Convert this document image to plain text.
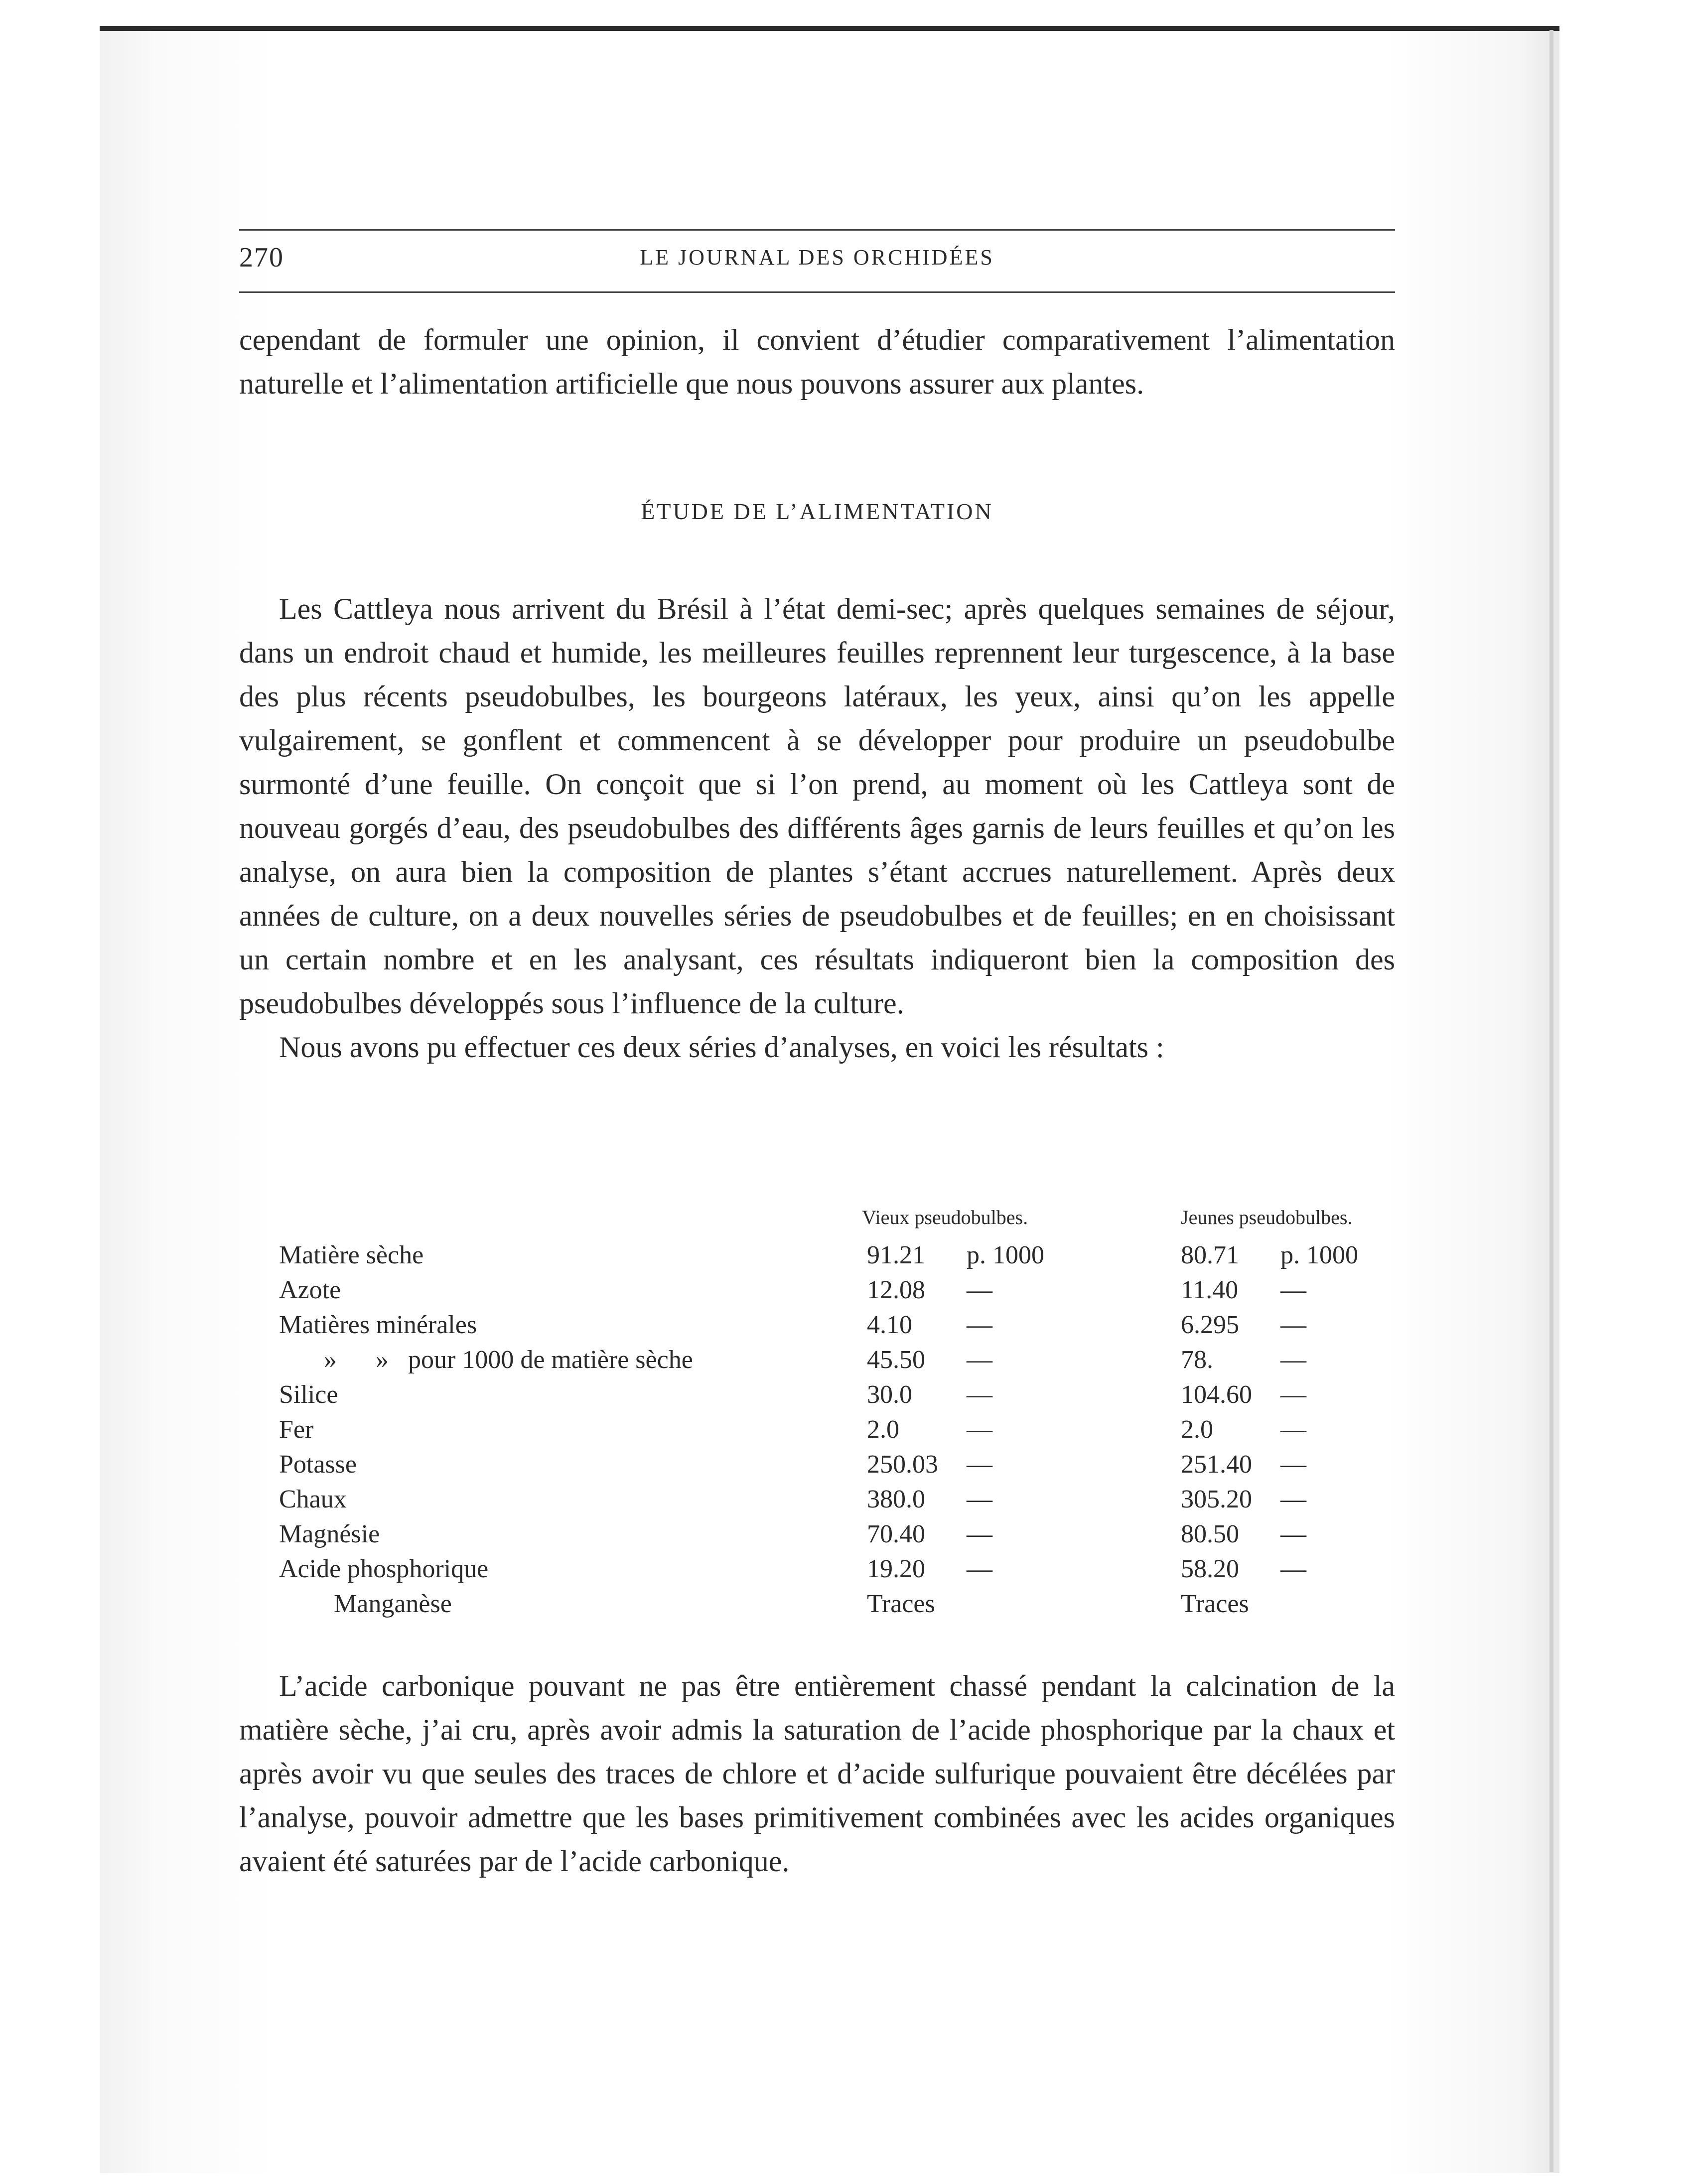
270	LE JOURNAL DES ORCHIDÉES
cependant de formuler une opinion, il convient d’étudier comparativement l’alimentation naturelle et l’alimentation artificielle que nous pouvons assurer aux plantes.
ÉTUDE DE L’ALIMENTATION
Les Cattleya nous arrivent du Brésil à l’état demi-sec; après quelques semaines de séjour, dans un endroit chaud et humide, les meilleures feuilles reprennent leur turgescence, à la base des plus récents pseudobulbes, les bourgeons latéraux, les yeux, ainsi qu’on les appelle vulgairement, se gonflent et commencent à se développer pour produire un pseudobulbe surmonté d’une feuille. On conçoit que si l’on prend, au moment où les Cattleya sont de nouveau gorgés d’eau, des pseudobulbes des différents âges garnis de leurs feuilles et qu’on les analyse, on aura bien la composition de plantes s’étant accrues naturellement. Après deux années de culture, on a deux nouvelles séries de pseudobulbes et de feuilles; en en choisissant un certain nombre et en les analysant, ces résultats indiqueront bien la composition des pseudobulbes développés sous l’influence de la culture.
Nous avons pu effectuer ces deux séries d’analyses, en voici les résultats :
Vieux pseudobulbes.	Jeunes pseudobulbes.
Matière sèche	91.21 p. 1000	80.71 p. 1000
Azote	12.08 —	11.40 —
Matières minérales	4.10 —	6.295 —
»      »   pour 1000 de matière sèche	45.50 —	78.	—
Silice	30.0 —	104.60 —
Fer	2.0	—	2.0	—
Potasse	250.03 —	251.40 —
Chaux	380.0 —	305.20 —
Magnésie	70.40 —	80.50 —
Acide phosphorique	19.20 —	58.20 —
Manganèse	Traces	Traces
L’acide carbonique pouvant ne pas être entièrement chassé pendant la calcination de la matière sèche, j’ai cru, après avoir admis la saturation de l’acide phosphorique par la chaux et après avoir vu que seules des traces de chlore et d’acide sulfurique pouvaient être décélées par l’analyse, pouvoir admettre que les bases primitivement combinées avec les acides organiques avaient été saturées par de l’acide carbonique.
